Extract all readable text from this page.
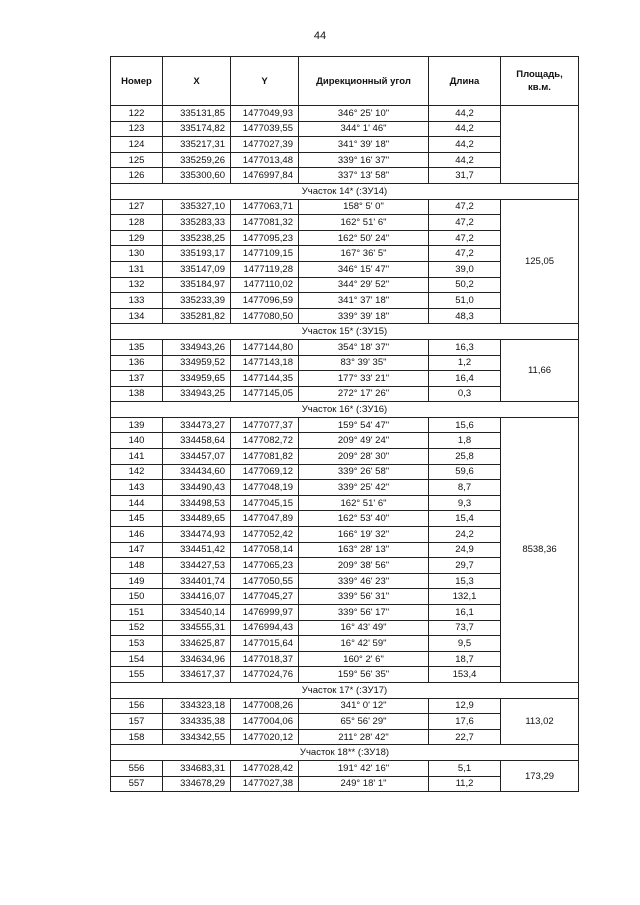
44
Номер	X	Y	Дирекционный угол	Длина	Площадь, кв.м.
122	335131,85	1477049,93	346° 25' 10"	44,2	
123	335174,82	1477039,55	344° 1' 46"	44,2	
124	335217,31	1477027,39	341° 39' 18"	44,2	
125	335259,26	1477013,48	339° 16' 37"	44,2	
126	335300,60	1476997,84	337° 13' 58"	31,7	
Участок 14* (:ЗУ14)					
127	335327,10	1477063,71	158° 5' 0"	47,2	125,05
128	335283,33	1477081,32	162° 51' 6"	47,2	
129	335238,25	1477095,23	162° 50' 24"	47,2	
130	335193,17	1477109,15	167° 36' 5"	47,2	
131	335147,09	1477119,28	346° 15' 47"	39,0	
132	335184,97	1477110,02	344° 29' 52"	50,2	
133	335233,39	1477096,59	341° 37' 18"	51,0	
134	335281,82	1477080,50	339° 39' 18"	48,3	
Участок 15* (:ЗУ15)					
135	334943,26	1477144,80	354° 18' 37"	16,3	11,66
136	334959,52	1477143,18	83° 39' 35"	1,2	
137	334959,65	1477144,35	177° 33' 21"	16,4	
138	334943,25	1477145,05	272° 17' 26"	0,3	
Участок 16* (:ЗУ16)					
139	334473,27	1477077,37	159° 54' 47"	15,6	8538,36
140	334458,64	1477082,72	209° 49' 24"	1,8	
141	334457,07	1477081,82	209° 28' 30"	25,8	
142	334434,60	1477069,12	339° 26' 58"	59,6	
143	334490,43	1477048,19	339° 25' 42"	8,7	
144	334498,53	1477045,15	162° 51' 6"	9,3	
145	334489,65	1477047,89	162° 53' 40"	15,4	
146	334474,93	1477052,42	166° 19' 32"	24,2	
147	334451,42	1477058,14	163° 28' 13"	24,9	
148	334427,53	1477065,23	209° 38' 56"	29,7	
149	334401,74	1477050,55	339° 46' 23"	15,3	
150	334416,07	1477045,27	339° 56' 31"	132,1	
151	334540,14	1476999,97	339° 56' 17"	16,1	
152	334555,31	1476994,43	16° 43' 49"	73,7	
153	334625,87	1477015,64	16° 42' 59"	9,5	
154	334634,96	1477018,37	160° 2' 6"	18,7	
155	334617,37	1477024,76	159° 56' 35"	153,4	
Участок 17* (:ЗУ17)					
156	334323,18	1477008,26	341° 0' 12"	12,9	113,02
157	334335,38	1477004,06	65° 56' 29"	17,6	
158	334342,55	1477020,12	211° 28' 42"	22,7	
Участок 18** (:ЗУ18)					
556	334683,31	1477028,42	191° 42' 16"	5,1	173,29
557	334678,29	1477027,38	249° 18' 1"	11,2	
